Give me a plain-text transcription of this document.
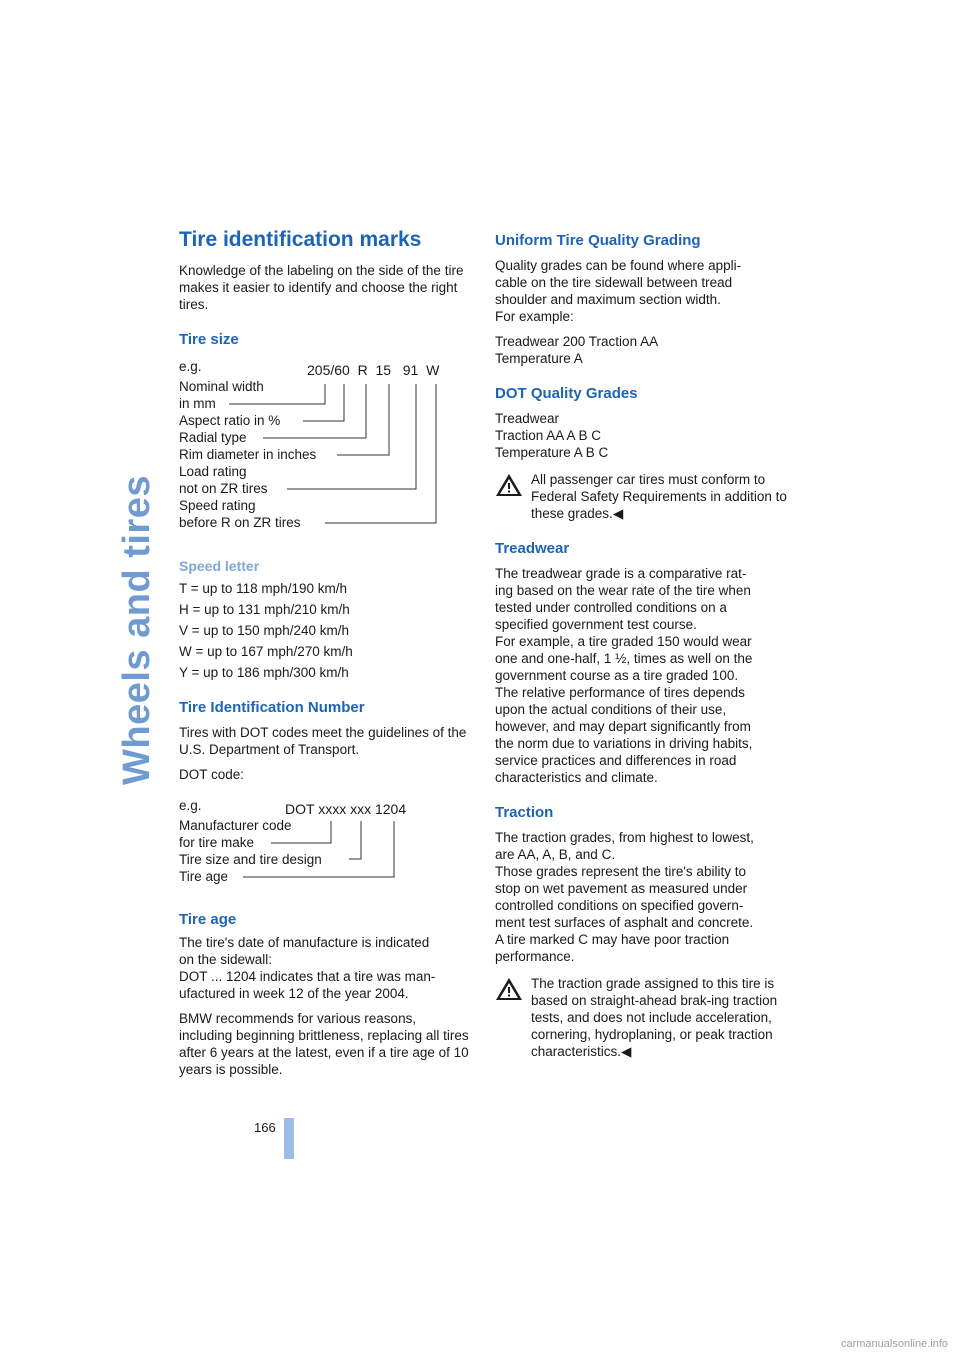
Wheels and tires
Tire identification marks

Knowledge of the labeling on the side of the tire makes it easier to identify and choose the right tires.

Tire size
e.g.	205/60  R  15   91  W
Nominal width
in mm
Aspect ratio in %
Radial type
Rim diameter in inches
Load rating
not on ZR tires
Speed rating
before R on ZR tires
Speed letter
T = up to 118 mph/190 km/h
H = up to 131 mph/210 km/h
V = up to 150 mph/240 km/h
W = up to 167 mph/270 km/h
Y = up to 186 mph/300 km/h
Tire Identification Number

Tires with DOT codes meet the guidelines of the U.S. Department of Transport.

DOT code:

e.g.	DOT xxxx xxx 1204
Manufacturer code
for tire make
Tire size and tire design
Tire age
Tire age
The tire's date of manufacture is indicated
on the sidewall:
DOT ... 1204 indicates that a tire was man-
ufactured in week 12 of the year 2004.

BMW recommends for various reasons, including beginning brittleness, replacing all tires after 6 years at the latest, even if a tire age of 10 years is possible.

Uniform Tire Quality Grading
Quality grades can be found where appli-
cable on the tire sidewall between tread
shoulder and maximum section width.
For example:
Treadwear 200 Traction AA
Temperature A
DOT Quality Grades
Treadwear
Traction AA A B C
Temperature A B C

All passenger car tires must conform to Federal Safety Requirements in addition to these grades.◀

Treadwear
The treadwear grade is a comparative rat-
ing based on the wear rate of the tire when
tested under controlled conditions on a
specified government test course.
For example, a tire graded 150 would wear
one and one-half, 1 ½, times as well on the
government course as a tire graded 100.
The relative performance of tires depends
upon the actual conditions of their use,
however, and may depart significantly from
the norm due to variations in driving habits,
service practices and differences in road
characteristics and climate.
Traction
The traction grades, from highest to lowest,
are AA, A, B, and C.
Those grades represent the tire's ability to
stop on wet pavement as measured under
controlled conditions on specified govern-
ment test surfaces of asphalt and concrete.
A tire marked C may have poor traction
performance.

The traction grade assigned to this tire is based on straight-ahead brak-ing traction tests, and does not include acceleration, cornering, hydroplaning, or peak traction characteristics.◀

166
carmanualsonline.info
